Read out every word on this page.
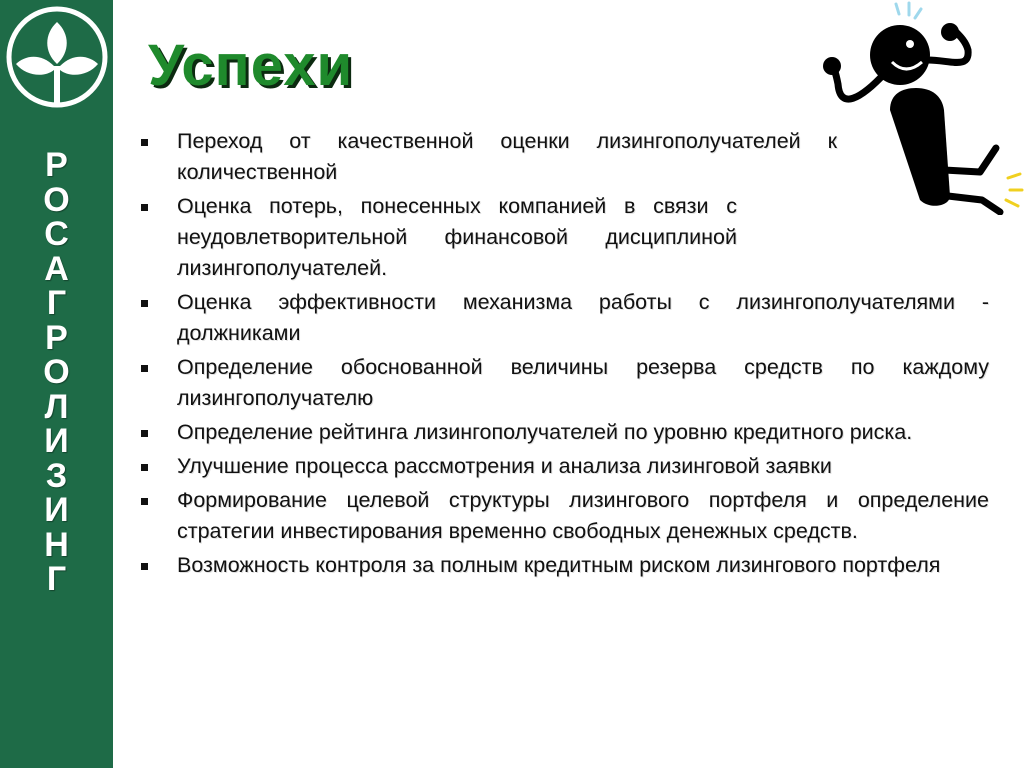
Р
О
С
А
Г
Р
О
Л
И
З
И
Н
Г
Успехи
Переход от качественной оценки лизингополучателей к количественной
Оценка потерь, понесенных компанией в связи с неудовлетворительной финансовой дисциплиной лизингополучателей.
Оценка эффективности механизма работы с лизингополучателями - должниками
Определение обоснованной величины резерва средств по каждому лизингополучателю
Определение рейтинга лизингополучателей по уровню кредитного риска.
Улучшение процесса рассмотрения и анализа лизинговой заявки
Формирование целевой структуры лизингового портфеля и определение стратегии инвестирования временно свободных денежных средств.
Возможность контроля за полным кредитным риском лизингового портфеля
